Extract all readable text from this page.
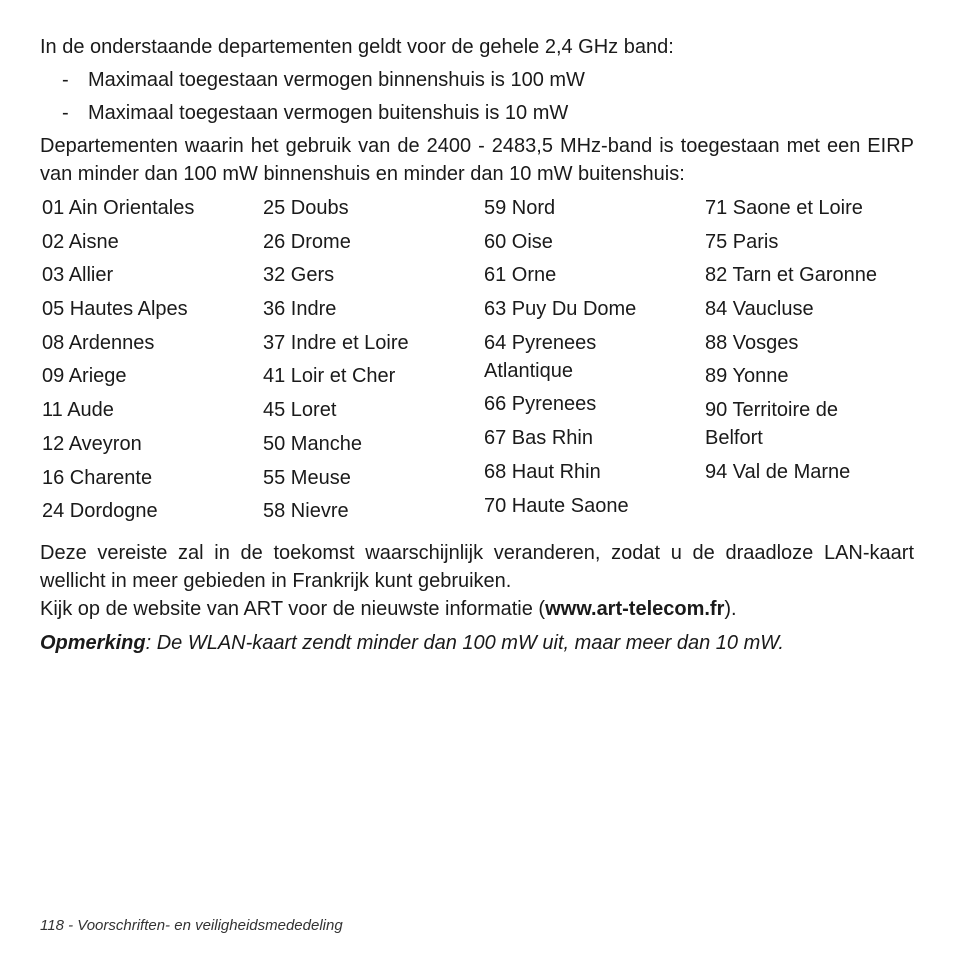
In de onderstaande departementen geldt voor de gehele 2,4 GHz band:

- Maximaal toegestaan vermogen binnenshuis is 100 mW
- Maximaal toegestaan vermogen buitenshuis is 10 mW

Departementen waarin het gebruik van de 2400 - 2483,5 MHz-band is toegestaan met een EIRP van minder dan 100 mW binnenshuis en minder dan 10 mW buitenshuis:

01 Ain Orientales
02 Aisne
03 Allier
05 Hautes Alpes
08 Ardennes
09 Ariege
11 Aude
12 Aveyron
16 Charente
24 Dordogne
25 Doubs
26 Drome
32 Gers
36 Indre
37 Indre et Loire
41 Loir et Cher
45 Loret
50 Manche
55 Meuse
58 Nievre
59 Nord
60 Oise
61 Orne
63 Puy Du Dome
64 Pyrenees Atlantique
66 Pyrenees
67 Bas Rhin
68 Haut Rhin
70 Haute Saone
71 Saone et Loire
75 Paris
82 Tarn et Garonne
84 Vaucluse
88 Vosges
89 Yonne
90 Territoire de Belfort
94 Val de Marne

Deze vereiste zal in de toekomst waarschijnlijk veranderen, zodat u de draadloze LAN-kaart wellicht in meer gebieden in Frankrijk kunt gebruiken.

Kijk op de website van ART voor de nieuwste informatie (www.art-telecom.fr).

Opmerking: De WLAN-kaart zendt minder dan 100 mW uit, maar meer dan 10 mW.

118 - Voorschriften- en veiligheidsmededeling
